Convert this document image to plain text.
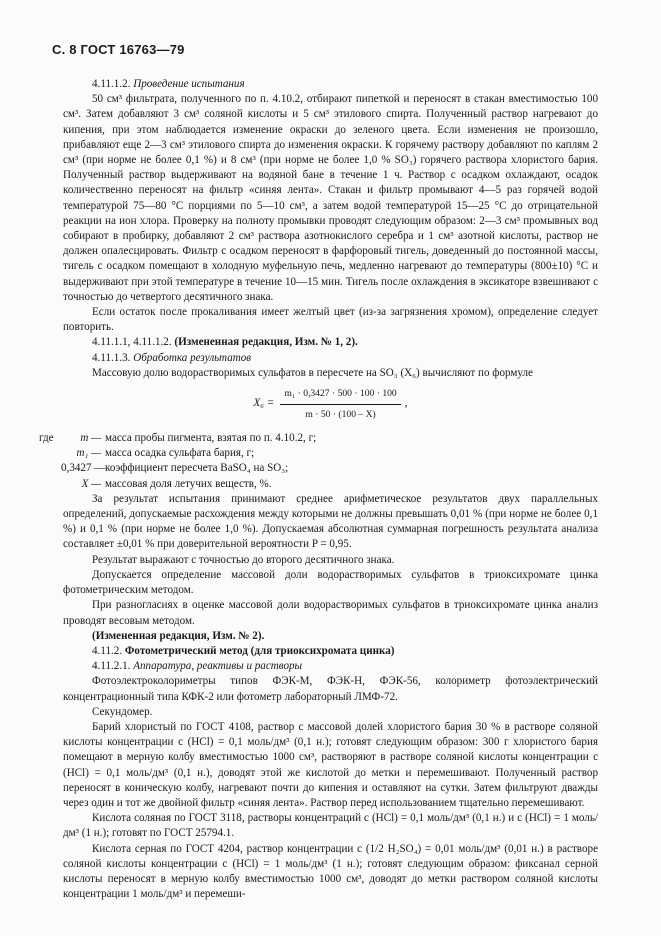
С. 8 ГОСТ 16763—79

4.11.1.2. Проведение испытания

50 см³ фильтрата, полученного по п. 4.10.2, отбирают пипеткой и переносят в стакан вместимостью 100 см³. Затем добавляют 3 см³ соляной кислоты и 5 см³ этилового спирта. Полученный раствор нагревают до кипения, при этом наблюдается изменение окраски до зеленого цвета. Если изменения не произошло, прибавляют еще 2—3 см³ этилового спирта до изменения окраски. К горячему раствору добавляют по каплям 2 см³ (при норме не более 0,1 %) и 8 см³ (при норме не более 1,0 % SO₃) горячего раствора хлористого бария. Полученный раствор выдерживают на водяной бане в течение 1 ч. Раствор с осадком охлаждают, осадок количественно переносят на фильтр «синяя лента». Стакан и фильтр промывают 4—5 раз горячей водой температурой 75—80 °С порциями по 5—10 см³, а затем водой температурой 15—25 °С до отрицательной реакции на ион хлора. Проверку на полноту промывки проводят следующим образом: 2—3 см³ промывных вод собирают в пробирку, добавляют 2 см³ раствора азотнокислого серебра и 1 см³ азотной кислоты, раствор не должен опалесцировать. Фильтр с осадком переносят в фарфоровый тигель, доведенный до постоянной массы, тигель с осадком помещают в холодную муфельную печь, медленно нагревают до температуры (800±10) °С и выдерживают при этой температуре в течение 10—15 мин. Тигель после охлаждения в эксикаторе взвешивают с точностью до четвертого десятичного знака.

Если остаток после прокаливания имеет желтый цвет (из-за загрязнения хромом), определение следует повторить.

4.11.1.1, 4.11.1.2. (Измененная редакция, Изм. № 1, 2).

4.11.1.3. Обработка результатов

Массовую долю водорастворимых сульфатов в пересчете на SO₃ (X₆) вычисляют по формуле

$X_6 = \frac{\text{m₁ · 0,3427 · 500 · 100 · 100}}{m \cdot 50 \cdot (100 - X)}$ ,
где	m — масса пробы пигмента, взятая по п. 4.10.2, г;
m₁ — масса осадка сульфата бария, г;
0,3427 — коэффициент пересчета BaSO₄ на SO₃;
X — массовая доля летучих веществ, %.

За результат испытания принимают среднее арифметическое результатов двух параллельных определений, допускаемые расхождения между которыми не должны превышать 0,01 % (при норме не более 0,1 %) и 0,1 % (при норме не более 1,0 %). Допускаемая абсолютная суммарная погрешность результата анализа составляет ±0,01 % при доверительной вероятности P = 0,95.

Результат выражают с точностью до второго десятичного знака.

Допускается определение массовой доли водорастворимых сульфатов в триоксихромате цинка фотометрическим методом.

При разногласиях в оценке массовой доли водорастворимых сульфатов в триоксихромате цинка анализ проводят весовым методом.

(Измененная редакция, Изм. № 2).

4.11.2. Фотометрический метод (для триоксихромата цинка)

4.11.2.1. Аппаратура, реактивы и растворы

Фотоэлектроколориметры типов ФЭК-М, ФЭК-Н, ФЭК-56, колориметр фотоэлектрический концентрационный типа КФК-2 или фотометр лабораторный ЛМФ-72.

Секундомер.

Барий хлористый по ГОСТ 4108, раствор с массовой долей хлористого бария 30 % в растворе соляной кислоты концентрации с (HCl) = 0,1 моль/дм³ (0,1 н.); готовят следующим образом: 300 г хлористого бария помещают в мерную колбу вместимостью 1000 см³, растворяют в растворе соляной кислоты концентрации с (HCl) = 0,1 моль/дм³ (0,1 н.), доводят этой же кислотой до метки и перемешивают. Полученный раствор переносят в коническую колбу, нагревают почти до кипения и оставляют на сутки. Затем фильтруют дважды через один и тот же двойной фильтр «синяя лента». Раствор перед использованием тщательно перемешивают.

Кислота соляная по ГОСТ 3118, растворы концентраций с (HCl) = 0,1 моль/дм³ (0,1 н.) и с (HCl) = 1 моль/дм³ (1 н.); готовят по ГОСТ 25794.1.

Кислота серная по ГОСТ 4204, раствор концентрации с (1/2 H₂SO₄) = 0,01 моль/дм³ (0,01 н.) в растворе соляной кислоты концентрации с (HCl) = 1 моль/дм³ (1 н.); готовят следующим образом: фиксанал серной кислоты переносят в мерную колбу вместимостью 1000 см³, доводят до метки раствором соляной кислоты концентрации 1 моль/дм³ и перемеши-
